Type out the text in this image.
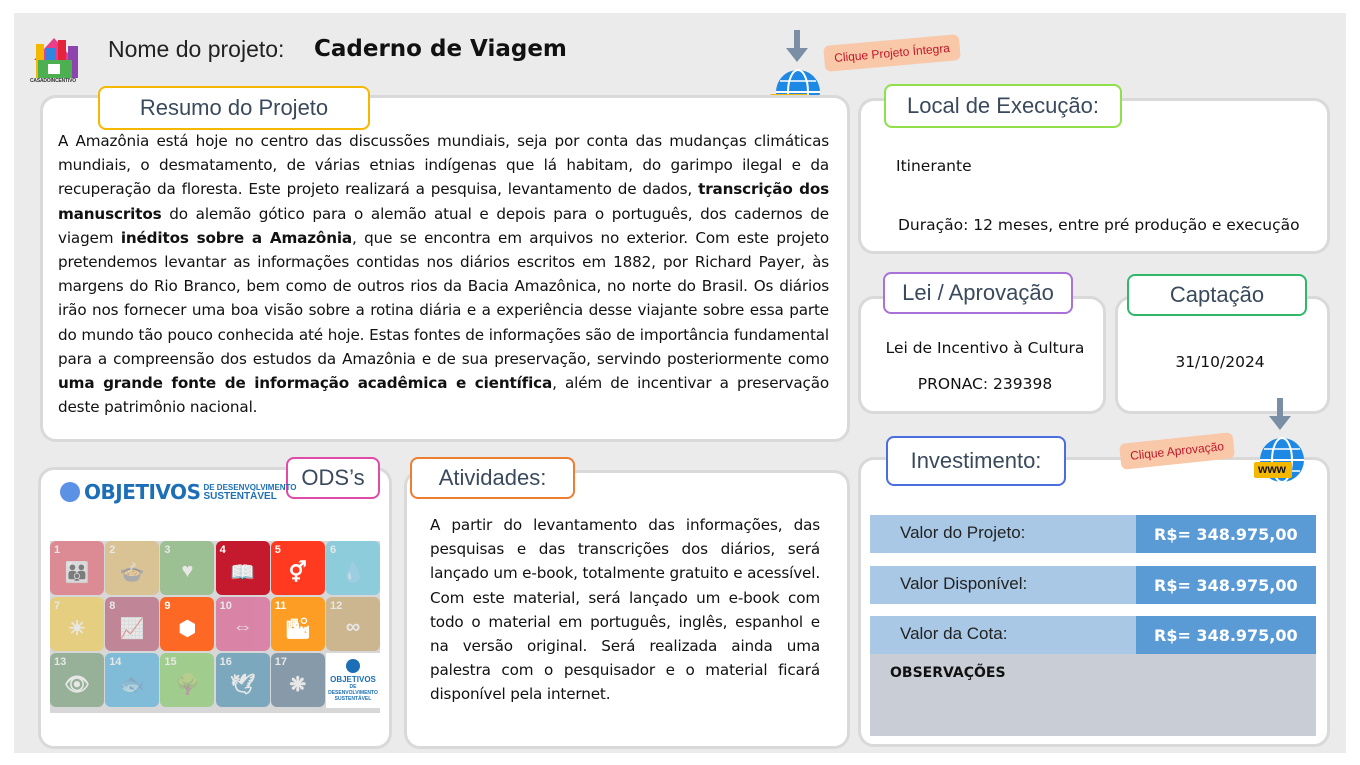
CASADOINCENTIVO
Nome do projeto: Caderno de Viagem	Clique Projeto Íntegra
Resumo do Projeto
A Amazônia está hoje no centro das discussões mundiais, seja por conta das mudanças climáticas mundiais, o desmatamento, de várias etnias indígenas que lá habitam, do garimpo ilegal e da recuperação da floresta. Este projeto realizará a pesquisa, levantamento de dados, transcrição dos manuscritos do alemão gótico para o alemão atual e depois para o português, dos cadernos de viagem inéditos sobre a Amazônia, que se encontra em arquivos no exterior. Com este projeto pretendemos levantar as informações contidas nos diários escritos em 1882, por Richard Payer, às margens do Rio Branco, bem como de outros rios da Bacia Amazônica, no norte do Brasil. Os diários irão nos fornecer uma boa visão sobre a rotina diária e a experiência desse viajante sobre essa parte do mundo tão pouco conhecida até hoje. Estas fontes de informações são de importância fundamental para a compreensão dos estudos da Amazônia e de sua preservação, servindo posteriormente como uma grande fonte de informação acadêmica e científica, além de incentivar a preservação deste patrimônio nacional.
Local de Execução:
Itinerante
Duração: 12 meses, entre pré produção e execução
Lei / Aprovação
Lei de Incentivo à Cultura
PRONAC: 239398
Captação
31/10/2024
ODS’s
OBJETIVOS DE DESENVOLVIMENTO
SUSTENTÁVEL
1
👪
2
🍲
3
♥
4
📖
5
⚥
6
💧
7
☀
8
📈
9
⬢
10
⇔
11
🏙
12
∞
13
👁
14
🐟
15
🌳
16
🕊
17
❋	OBJETIVOS
DE DESENVOLVIMENTO SUSTENTÁVEL
Atividades:
A partir do levantamento das informações, das pesquisas e das transcrições dos diários, será lançado um e-book, totalmente gratuito e acessível. Com este material, será lançado um e-book com todo o material em português, inglês, espanhol e na versão original. Será realizada ainda uma palestra com o pesquisador e o material ficará disponível pela internet.
Investimento:	Clique Aprovação
www
Valor do Projeto:	R$= 348.975,00
Valor Disponível:	R$= 348.975,00
Valor da Cota:	R$= 348.975,00
OBSERVAÇÕES
